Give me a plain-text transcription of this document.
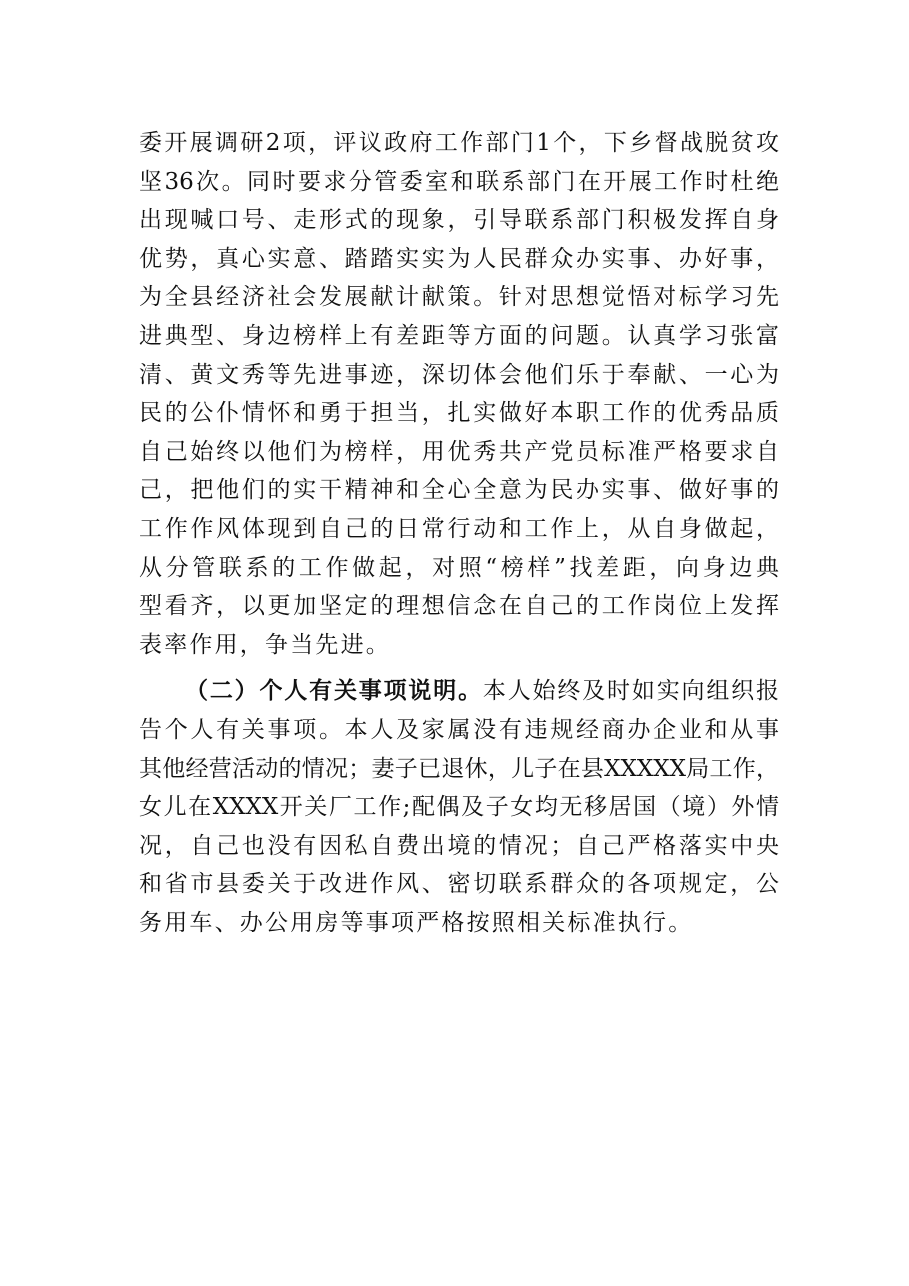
委开展调研2项，评议政府工作部门1个，下乡督战脱贫攻
坚36次。同时要求分管委室和联系部门在开展工作时杜绝
出现喊口号、走形式的现象，引导联系部门积极发挥自身
优势，真心实意、踏踏实实为人民群众办实事、办好事，
为全县经济社会发展献计献策。针对思想觉悟对标学习先
进典型、身边榜样上有差距等方面的问题。认真学习张富
清、黄文秀等先进事迹，深切体会他们乐于奉献、一心为
民的公仆情怀和勇于担当，扎实做好本职工作的优秀品质
自己始终以他们为榜样，用优秀共产党员标准严格要求自
己，把他们的实干精神和全心全意为民办实事、做好事的
工作作风体现到自己的日常行动和工作上，从自身做起，
从分管联系的工作做起，对照“榜样”找差距，向身边典
型看齐，以更加坚定的理想信念在自己的工作岗位上发挥
表率作用，争当先进。
（二）个人有关事项说明。本人始终及时如实向组织报
告个人有关事项。本人及家属没有违规经商办企业和从事
其他经营活动的情况；妻子已退休，儿子在县XXXXX局工作，
女儿在XXXX开关厂工作;配偶及子女均无移居国（境）外情
况，自己也没有因私自费出境的情况；自己严格落实中央
和省市县委关于改进作风、密切联系群众的各项规定，公
务用车、办公用房等事项严格按照相关标准执行。
